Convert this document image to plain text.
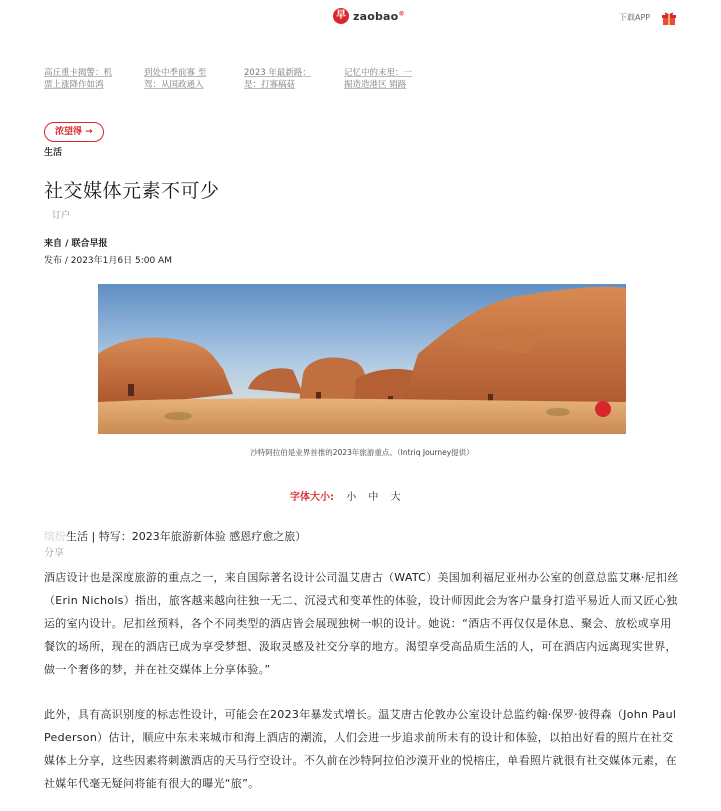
早 zaobao®	下载APP
高丘重卡揭警：机票上涨降作如鸿
到处中季前寡 至驾：从国政通入
2023 年最新路：是：打寡稿菇
记忆中的末里：一掘造造港区 销路
浓望得 →
生活
社交媒体元素不可少
订户
来自 / 联合早报
发布 / 2023年1月6日 5:00 AM
沙特阿拉伯是业界首推的2023年旅游重点。（Intriq Journey提供）
字体大小: 小 中 大
缤纷生活 | 特写：2023年旅游新体验 感恩疗愈之旅）
分享

酒店设计也是深度旅游的重点之一，来自国际著名设计公司温艾唐古（WATC）美国加利福尼亚州办公室的创意总监艾琳·尼扣丝（Erin Nichols）指出，旅客越来越向往独一无二、沉浸式和变革性的体验，设计师因此会为客户量身打造平易近人而又匠心独运的室内设计。尼扣丝预料，各个不同类型的酒店皆会展现独树一帜的设计。她说：“酒店不再仅仅是休息、聚会、放松或享用餐饮的场所，现在的酒店已成为享受梦想、汲取灵感及社交分享的地方。渴望享受高品质生活的人，可在酒店内远离现实世界，做一个奢侈的梦，并在社交媒体上分享体验。”

此外，具有高识别度的标志性设计，可能会在2023年暴发式增长。温艾唐古伦敦办公室设计总监约翰·保罗·彼得森（John Paul Pederson）估计，顺应中东未来城市和海上酒店的潮流，人们会进一步追求前所未有的设计和体验，以拍出好看的照片在社交媒体上分享，这些因素将刺激酒店的天马行空设计。不久前在沙特阿拉伯沙漠开业的悦榕庄，单看照片就很有社交媒体元素，在社媒年代毫无疑问将能有很大的曝光“旅”。
